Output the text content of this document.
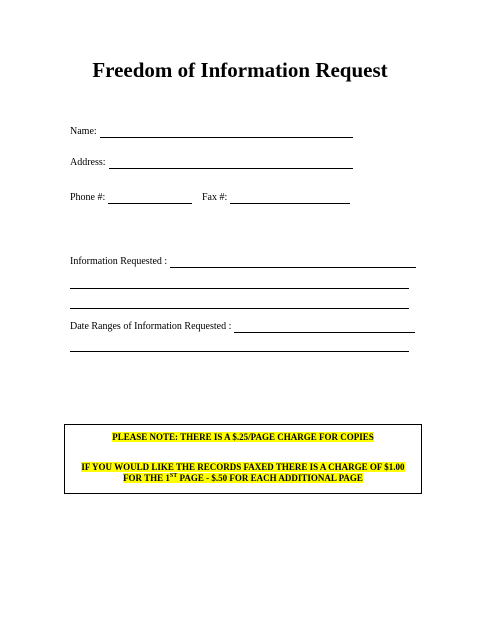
Freedom of Information Request
Name:
Address:
Phone #:	Fax #:
Information Requested :
Date Ranges of Information Requested :
PLEASE NOTE: THERE IS A $.25/PAGE CHARGE FOR COPIES
IF YOU WOULD LIKE THE RECORDS FAXED THERE IS A CHARGE OF $1.00
FOR THE 1ST PAGE - $.50 FOR EACH ADDITIONAL PAGE
